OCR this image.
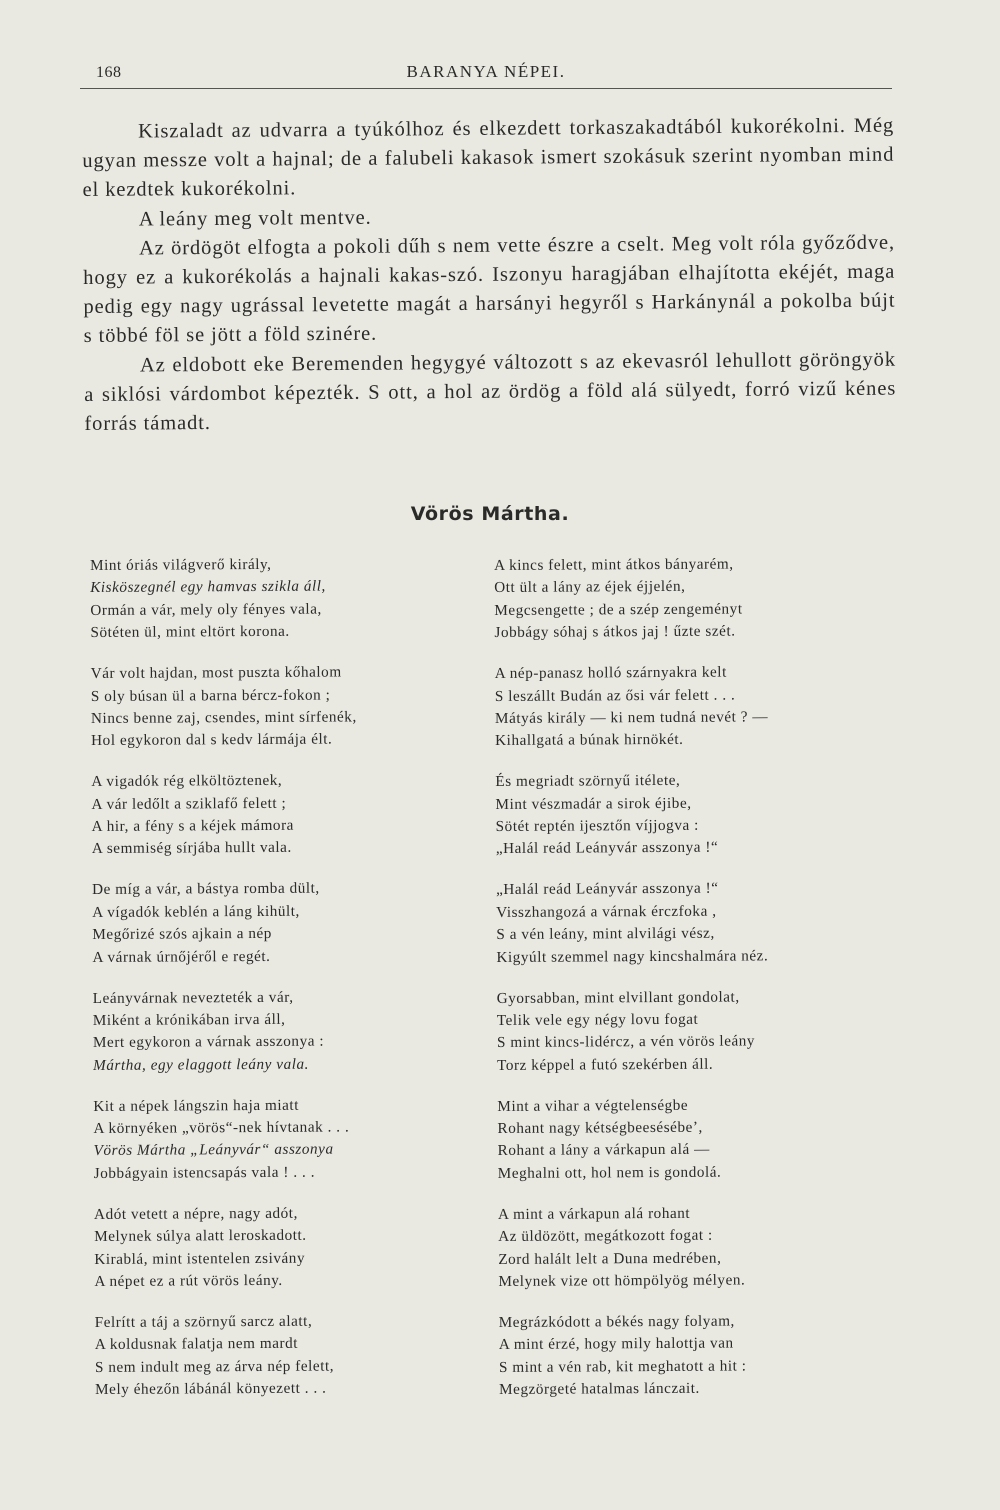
168	BARANYA NÉPEI.

Kiszaladt az udvarra a tyúkólhoz és elkezdett torkaszakadtából kukorékolni. Még ugyan messze volt a hajnal; de a falubeli kakasok ismert szokásuk szerint nyomban mind el kezdtek kukorékolni.

A leány meg volt mentve.

Az ördögöt elfogta a pokoli dűh s nem vette észre a cselt. Meg volt róla győződve, hogy ez a kukorékolás a hajnali kakas-szó. Iszonyu haragjában elhajította ekéjét, maga pedig egy nagy ugrással levetette magát a harsányi hegyről s Harkánynál a pokolba bújt s többé föl se jött a föld szinére.

Az eldobott eke Beremenden hegygyé változott s az ekevasról lehullott göröngyök a siklósi várdombot képezték. S ott, a hol az ördög a föld alá sülyedt, forró vizű kénes forrás támadt.

Vörös Mártha.
Mint óriás világverő király,
Kisköszegnél egy hamvas szikla áll,
Ormán a vár, mely oly fényes vala,
Sötéten ül, mint eltört korona.
Vár volt hajdan, most puszta kőhalom
S oly búsan ül a barna bércz-fokon ;
Nincs benne zaj, csendes, mint sírfenék,
Hol egykoron dal s kedv lármája élt.
A vigadók rég elköltöztenek,
A vár ledőlt a sziklafő felett ;
A hir, a fény s a kéjek mámora
A semmiség sírjába hullt vala.
De míg a vár, a bástya romba dült,
A vígadók keblén a láng kihült,
Megőrizé szós ajkain a nép
A várnak úrnőjéről e regét.
Leányvárnak nevezteték a vár,
Miként a krónikában irva áll,
Mert egykoron a várnak asszonya :
Mártha, egy elaggott leány vala.
Kit a népek lángszin haja miatt
A környéken „vörös“-nek hívtanak . . .
Vörös Mártha „Leányvár“ asszonya
Jobbágyain istencsapás vala ! . . .
Adót vetett a népre, nagy adót,
Melynek súlya alatt leroskadott.
Kirablá, mint istentelen zsivány
A népet ez a rút vörös leány.
Felrítt a táj a szörnyű sarcz alatt,
A koldusnak falatja nem mardt
S nem indult meg az árva nép felett,
Mely éhezőn lábánál könyezett . . .
A kincs felett, mint átkos bányarém,
Ott ült a lány az éjek éjjelén,
Megcsengette ; de a szép zengeményt
Jobbágy sóhaj s átkos jaj ! űzte szét.
A nép-panasz holló szárnyakra kelt
S leszállt Budán az ősi vár felett . . .
Mátyás király — ki nem tudná nevét ? —
Kihallgatá a búnak hirnökét.
És megriadt szörnyű itélete,
Mint vészmadár a sirok éjibe,
Sötét reptén ijesztőn víjjogva :
„Halál reád Leányvár asszonya !“
„Halál reád Leányvár asszonya !“
Visszhangozá a várnak érczfoka ,
S a vén leány, mint alvilági vész,
Kigyúlt szemmel nagy kincshalmára néz.
Gyorsabban, mint elvillant gondolat,
Telik vele egy négy lovu fogat
S mint kincs-lidércz, a vén vörös leány
Torz képpel a futó szekérben áll.
Mint a vihar a végtelenségbe
Rohant nagy kétségbeesésébe’,
Rohant a lány a várkapun alá —
Meghalni ott, hol nem is gondolá.
A mint a várkapun alá rohant
Az üldözött, megátkozott fogat :
Zord halált lelt a Duna medrében,
Melynek vize ott hömpölyög mélyen.
Megrázkódott a békés nagy folyam,
A mint érzé, hogy mily halottja van
S mint a vén rab, kit meghatott a hit :
Megzörgeté hatalmas lánczait.
